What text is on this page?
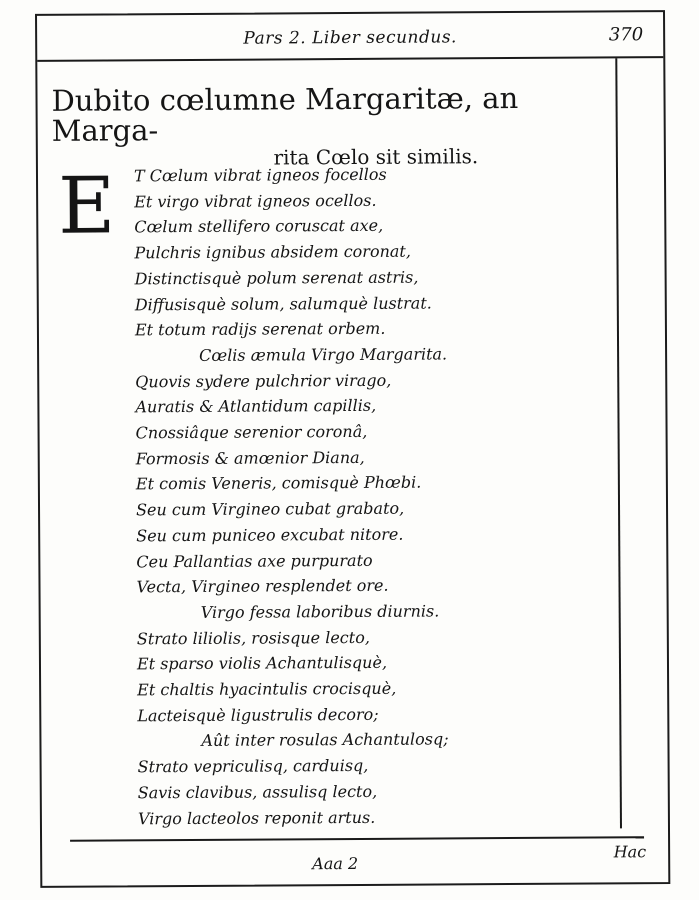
Pars 2. Liber secundus.	370
Dubito cœlumne Margaritæ, an Marga-
rita Cœlo sit similis.
E T Cœlum vibrat igneos focellos
Et virgo vibrat igneos ocellos.
Cœlum stellifero coruscat axe,
Pulchris ignibus absidem coronat,
Distinctisquè polum serenat astris,
Diffusisquè solum, salumquè lustrat.
Et totum radijs serenat orbem.
Cœlis æmula Virgo Margarita.
Quovis sydere pulchrior virago,
Auratis & Atlantidum capillis,
Cnossiâque serenior coronâ,
Formosis & amœnior Diana,
Et comis Veneris, comisquè Phœbi.
Seu cum Virgineo cubat grabato,
Seu cum puniceo excubat nitore.
Ceu Pallantias axe purpurato
Vecta, Virgineo resplendet ore.
Virgo fessa laboribus diurnis.
Strato liliolis, rosisque lecto,
Et sparso violis Achantulisquè,
Et chaltis hyacintulis crocisquè,
Lacteisquè ligustrulis decoro;
Aût inter rosulas Achantulosq;
Strato vepriculisq, carduisq,
Savis clavibus, assulisq lecto,
Virgo lacteolos reponit artus.
Aaa 2
Hac
